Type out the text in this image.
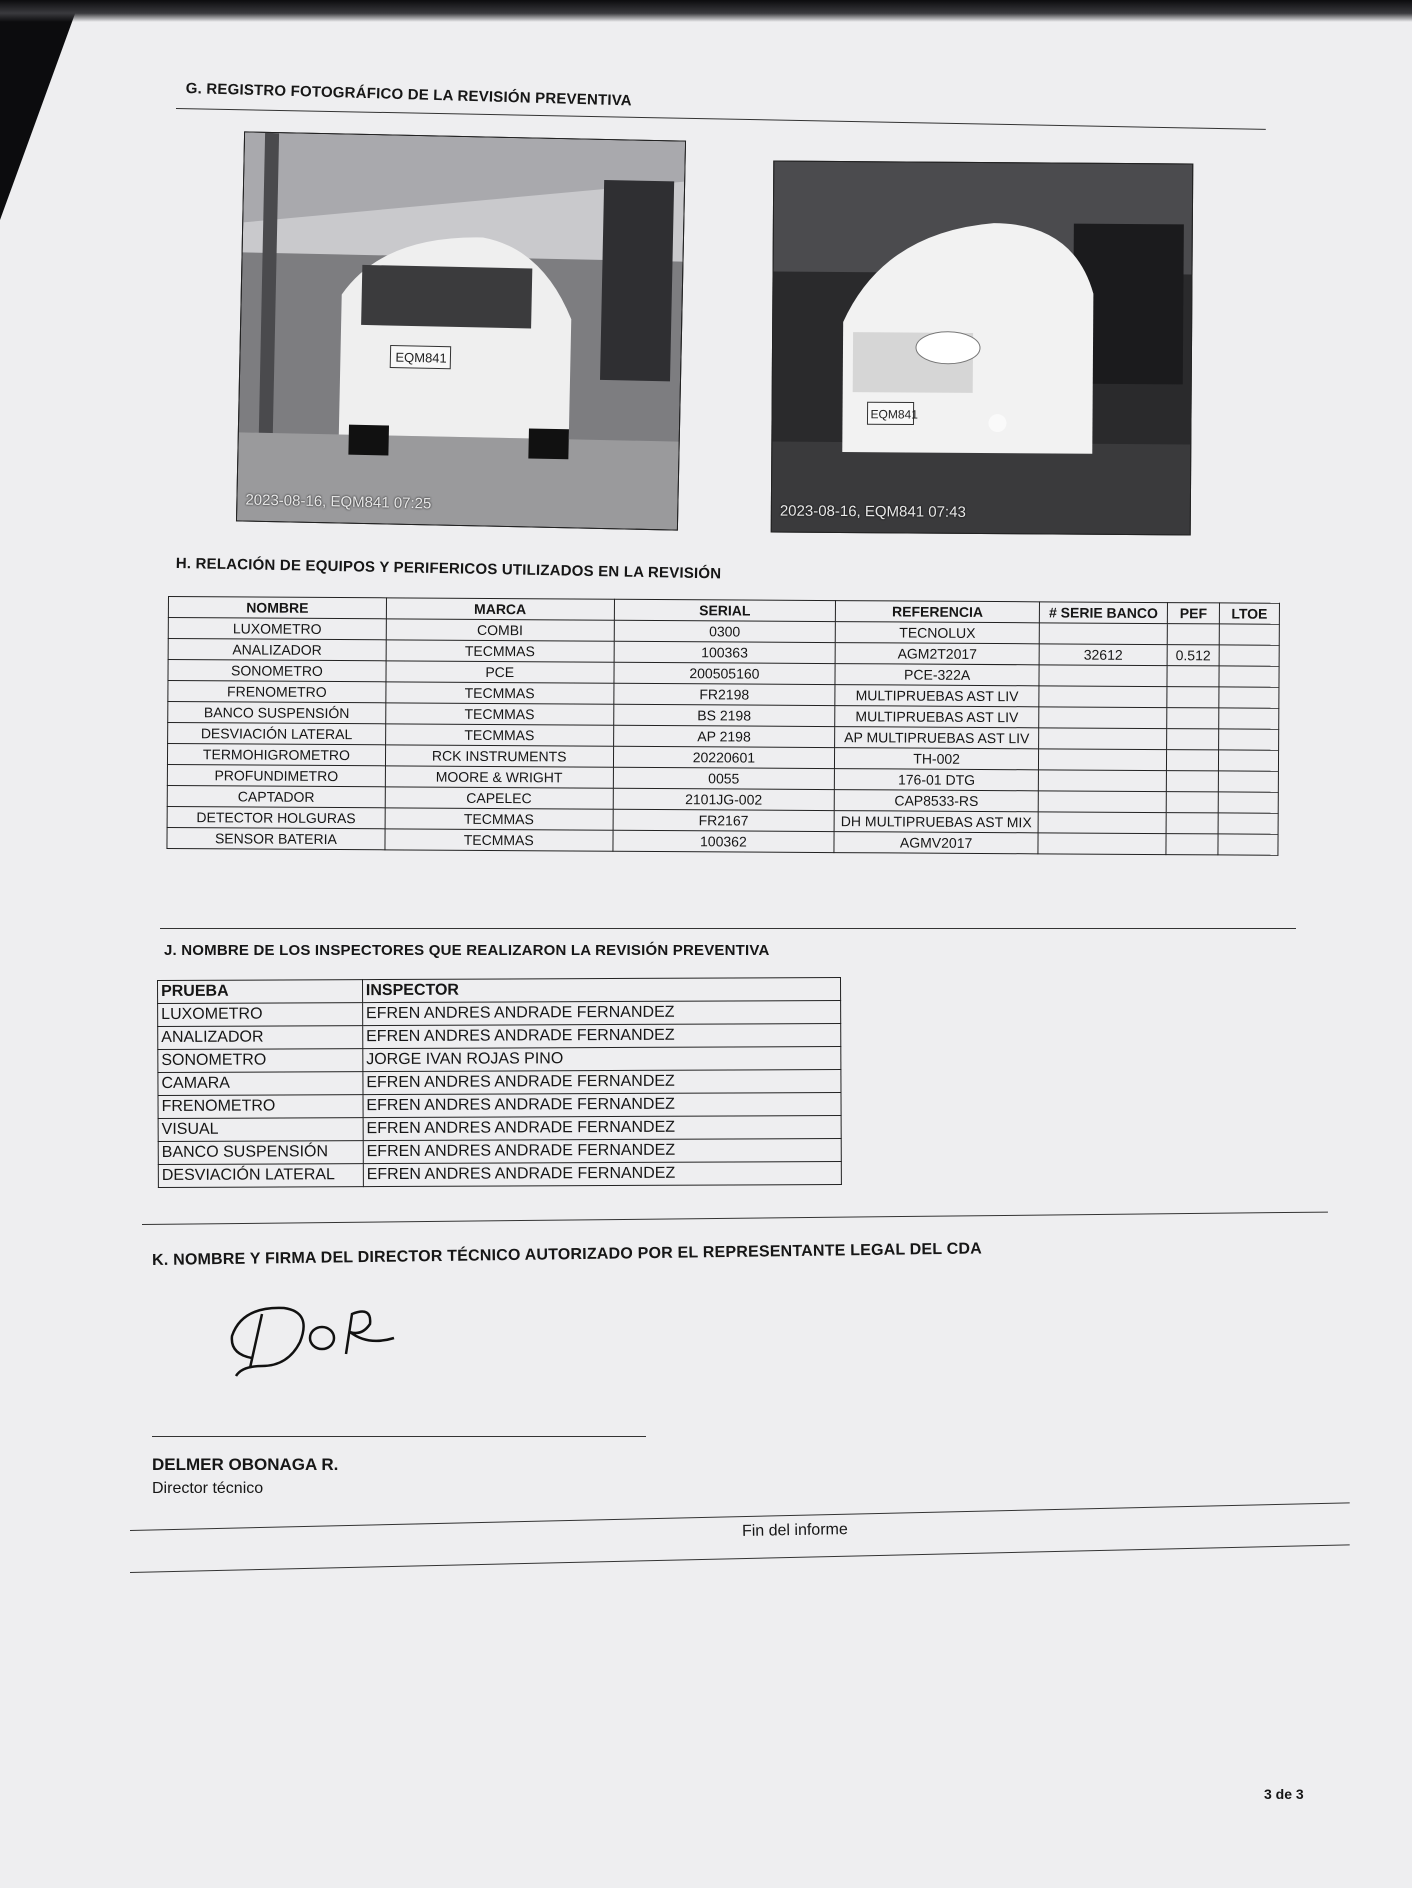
G. REGISTRO FOTOGRÁFICO DE LA REVISIÓN PREVENTIVA
EQM841
2023-08-16, EQM841 07:25
EQM841
2023-08-16, EQM841 07:43
H. RELACIÓN DE EQUIPOS Y PERIFERICOS UTILIZADOS EN LA REVISIÓN
NOMBRE	MARCA	SERIAL	REFERENCIA	# SERIE BANCO	PEF	LTOE
LUXOMETRO	COMBI	0300	TECNOLUX			
ANALIZADOR	TECMMAS	100363	AGM2T2017	32612	0.512	
SONOMETRO	PCE	200505160	PCE-322A			
FRENOMETRO	TECMMAS	FR2198	MULTIPRUEBAS AST LIV			
BANCO SUSPENSIÓN	TECMMAS	BS 2198	MULTIPRUEBAS AST LIV			
DESVIACIÓN LATERAL	TECMMAS	AP 2198	AP MULTIPRUEBAS AST LIV			
TERMOHIGROMETRO	RCK INSTRUMENTS	20220601	TH-002			
PROFUNDIMETRO	MOORE & WRIGHT	0055	176-01 DTG			
CAPTADOR	CAPELEC	2101JG-002	CAP8533-RS			
DETECTOR HOLGURAS	TECMMAS	FR2167	DH MULTIPRUEBAS AST MIX			
SENSOR BATERIA	TECMMAS	100362	AGMV2017			
J. NOMBRE DE LOS INSPECTORES QUE REALIZARON LA REVISIÓN PREVENTIVA
PRUEBA	INSPECTOR
LUXOMETRO	EFREN ANDRES ANDRADE FERNANDEZ
ANALIZADOR	EFREN ANDRES ANDRADE FERNANDEZ
SONOMETRO	JORGE IVAN ROJAS PINO
CAMARA	EFREN ANDRES ANDRADE FERNANDEZ
FRENOMETRO	EFREN ANDRES ANDRADE FERNANDEZ
VISUAL	EFREN ANDRES ANDRADE FERNANDEZ
BANCO SUSPENSIÓN	EFREN ANDRES ANDRADE FERNANDEZ
DESVIACIÓN LATERAL	EFREN ANDRES ANDRADE FERNANDEZ
K. NOMBRE Y FIRMA DEL DIRECTOR TÉCNICO AUTORIZADO POR EL REPRESENTANTE LEGAL DEL CDA
DELMER OBONAGA R.
Director técnico
Fin del informe
3 de 3
